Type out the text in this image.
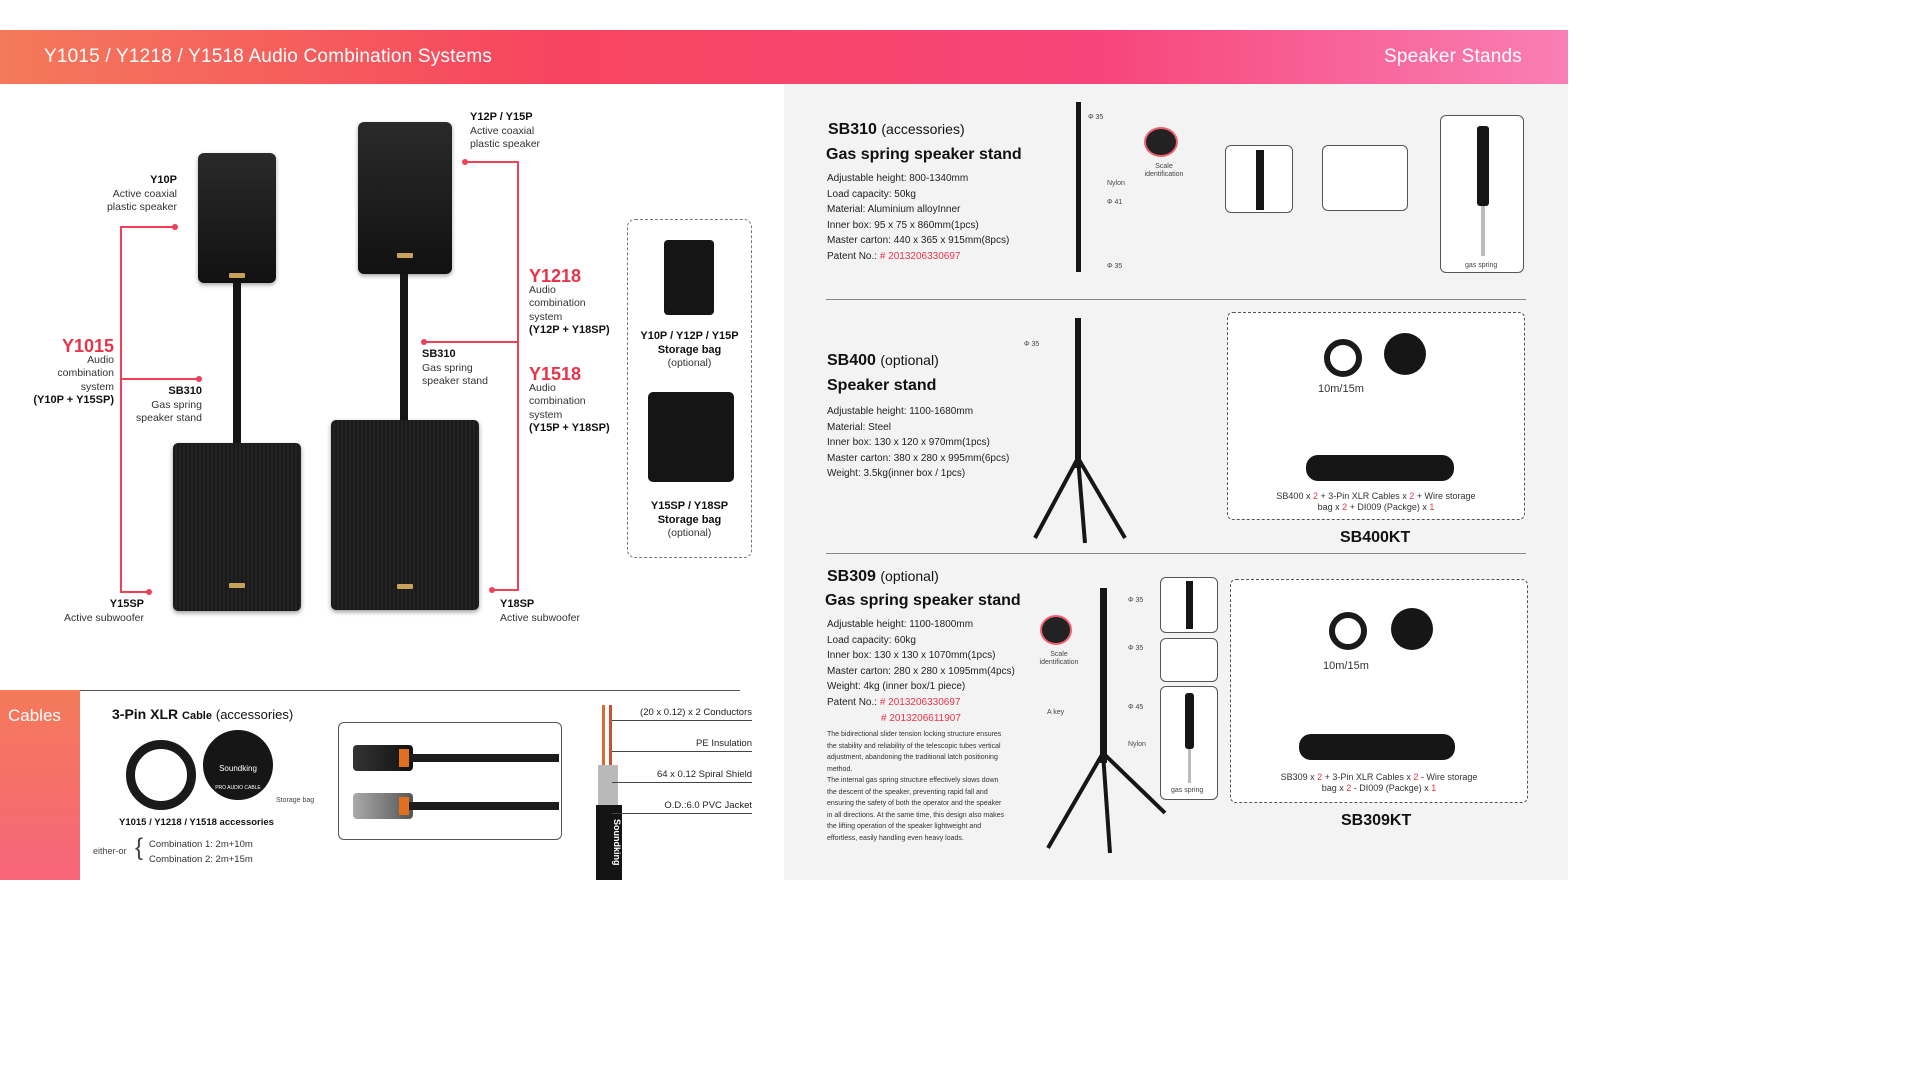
Y1015 / Y1218 / Y1518 Audio Combination Systems	Speaker Stands
Y10P
Active coaxial
plastic speaker
Y1015
Audio
combination
system
(Y10P + Y15SP)
SB310
Gas spring
speaker stand
Y15SP
Active subwoofer
Y12P / Y15P
Active coaxial
plastic speaker
SB310
Gas spring
speaker stand
Y1218
Audio
combination
system
(Y12P + Y18SP)
Y1518
Audio
combination
system
(Y15P + Y18SP)
Y18SP
Active subwoofer
Y10P / Y12P / Y15P
Storage bag
(optional)
Y15SP / Y18SP
Storage bag
(optional)
Cables	3-Pin XLR Cable (accessories)
Soundking
PRO AUDIO CABLE
Storage bag
Y1015 / Y1218 / Y1518 accessories
either-or { Combination 1: 2m+10m
Combination 2: 2m+15m	Soundking
(20 x 0.12) x 2 Conductors
PE Insulation
64 x 0.12 Spiral Shield
O.D.:6.0 PVC Jacket
SB310 (accessories)
Gas spring speaker stand
Adjustable height: 800-1340mm
Load capacity: 50kg
Material: Aluminium alloyInner
Inner box: 95 x 75 x 860mm(1pcs)
Master carton: 440 x 365 x 915mm(8pcs)
Patent No.: # 2013206330697
Φ 35
Nylon
Φ 41
Φ 35
Scale identification
gas spring
SB400 (optional)
Speaker stand
Adjustable height: 1100-1680mm
Material: Steel
Inner box: 130 x 120 x 970mm(1pcs)
Master carton: 380 x 280 x 995mm(6pcs)
Weight: 3.5kg(inner box / 1pcs)
Φ 35
10m/15m
SB400 x 2 + 3-Pin XLR Cables x 2 + Wire storage
bag x 2 + DI009 (Packge) x 1
SB400KT
SB309 (optional)
Gas spring speaker stand
Adjustable height: 1100-1800mm
Load capacity: 60kg
Inner box: 130 x 130 x 1070mm(1pcs)
Master carton: 280 x 280 x 1095mm(4pcs)
Weight: 4kg (inner box/1 piece)
Patent No.: # 2013206330697
# 2013206611907
The bidirectional slider tension locking structure ensures
the stability and reliability of the telescopic tubes vertical
adjustment, abandoning the traditional latch positioning
method.
The internal gas spring structure effectively slows down
the descent of the speaker, preventing rapid fall and
ensuring the safety of both the operator and the speaker
in all directions. At the same time, this design also makes
the lifting operation of the speaker lightweight and
effortless, easily handling even heavy loads.
Scale identification
Φ 35
Φ 35
Φ 45
Nylon
A key
gas spring
10m/15m
SB309 x 2 + 3-Pin XLR Cables x 2 - Wire storage
bag x 2 - DI009 (Packge) x 1
SB309KT
